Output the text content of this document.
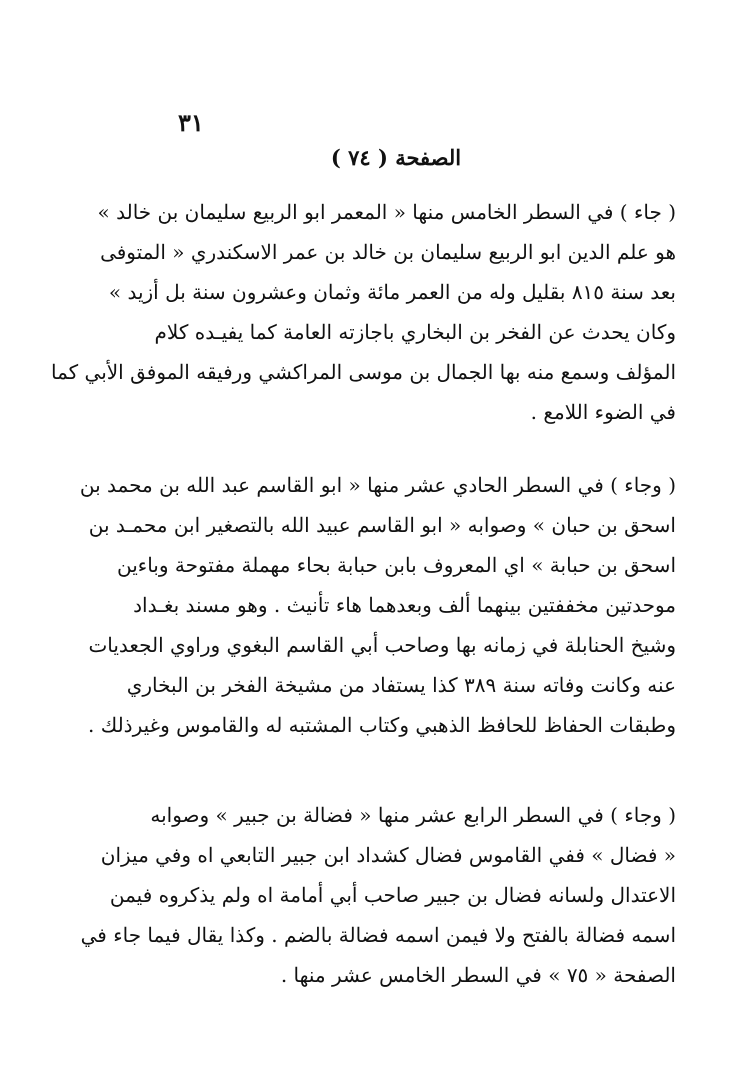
٣١
الصفحة ( ٧٤ )
( جاء ) في السطر الخامس منها « المعمر ابو الربيع سليمان بن خالد »
هو علم الدين ابو الربيع سليمان بن خالد بن عمر الاسكندري « المتوفى
بعد سنة ٨١٥ بقليل وله من العمر مائة وثمان وعشرون سنة بل أزيد »
وكان يحدث عن الفخر بن البخاري باجازته العامة كما يفيـده كلام
المؤلف وسمع منه بها الجمال بن موسى المراكشي ورفيقه الموفق الأبي كما
في الضوء اللامع .
( وجاء ) في السطر الحادي عشر منها « ابو القاسم عبد الله بن محمد بن
اسحق بن حبان » وصوابه « ابو القاسم عبيد الله بالتصغير ابن محمـد بن
اسحق بن حبابة » اي المعروف بابن حبابة بحاء مهملة مفتوحة وباءين
موحدتين مخففتين بينهما ألف وبعدهما هاء تأنيث . وهو مسند بغـداد
وشيخ الحنابلة في زمانه بها وصاحب أبي القاسم البغوي وراوي الجعديات
عنه وكانت وفاته سنة ٣٨٩ كذا يستفاد من مشيخة الفخر بن البخاري
وطبقات الحفاظ للحافظ الذهبي وكتاب المشتبه له والقاموس وغيرذلك .
( وجاء ) في السطر الرابع عشر منها « فضالة بن جبير » وصوابه
« فضال » ففي القاموس فضال كشداد ابن جبير التابعي اه وفي ميزان
الاعتدال ولسانه فضال بن جبير صاحب أبي أمامة اه ولم يذكروه فيمن
اسمه فضالة بالفتح ولا فيمن اسمه فضالة بالضم . وكذا يقال فيما جاء في
الصفحة « ٧٥ » في السطر الخامس عشر منها .
